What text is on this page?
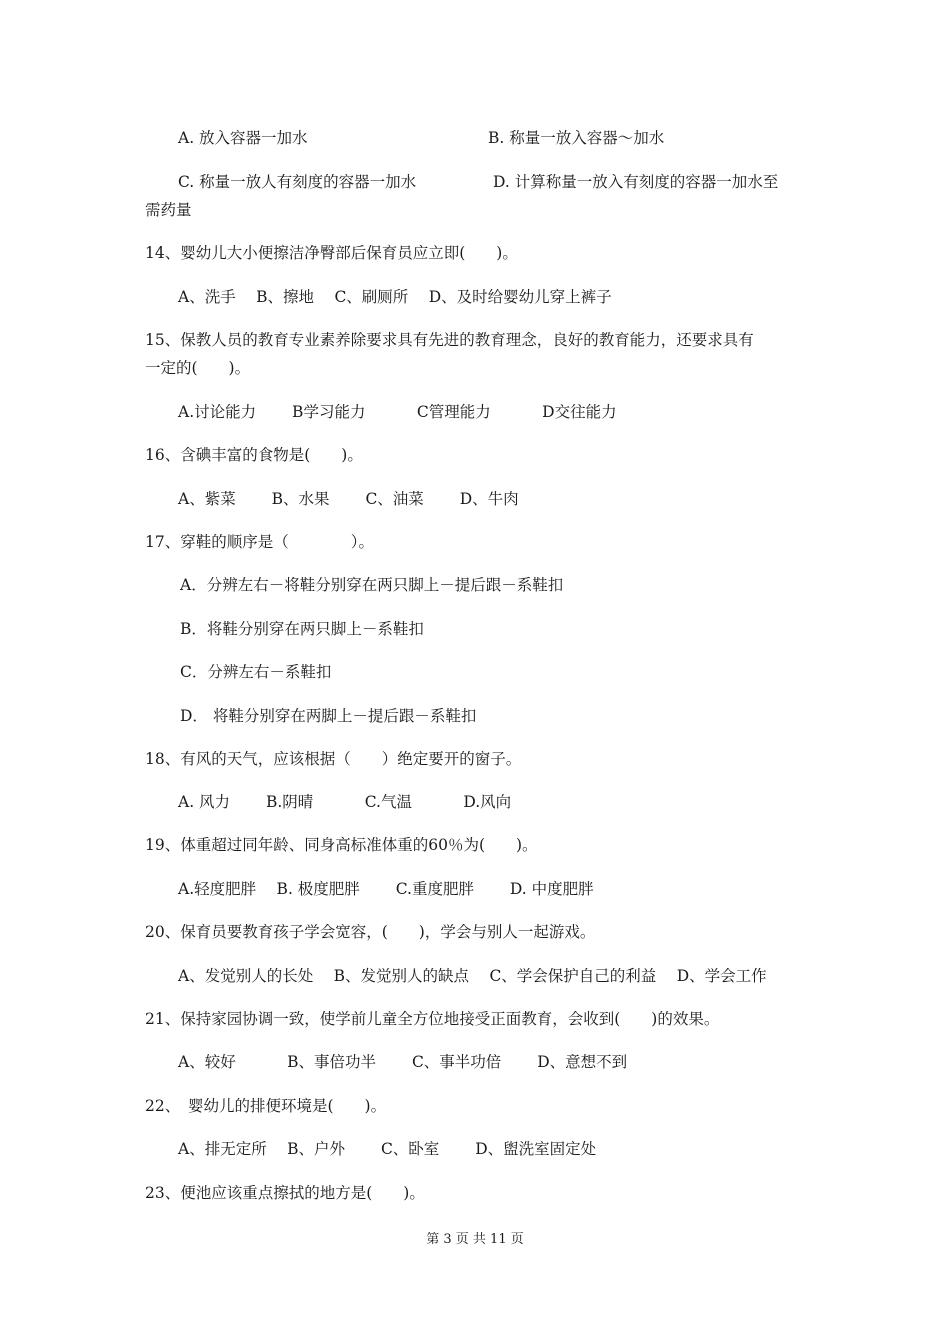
A. 放入容器一加水	B. 称量一放入容器～加水
C. 称量一放人有刻度的容器一加水	D. 计算称量一放入有刻度的容器一加水至
需药量
14、婴幼儿大小便擦洁净臀部后保育员应立即(　　)。
A、洗手　 B、擦地　 C、刷厕所　 D、及时给婴幼儿穿上裤子
15、保教人员的教育专业素养除要求具有先进的教育理念，良好的教育能力，还要求具有
一定的(　　)。
A.讨论能力　　 B学习能力　　　 C管理能力　　　 D交往能力
16、含碘丰富的食物是(　　)。
A、紫菜　　 B、水果　　 C、油菜　　 D、牛肉
17、穿鞋的顺序是（　　　　）。
A．分辨左右－将鞋分别穿在两只脚上－提后跟－系鞋扣
B．将鞋分别穿在两只脚上－系鞋扣
C．分辨左右－系鞋扣
D． 将鞋分别穿在两脚上－提后跟－系鞋扣
18、有风的天气，应该根据（　　）绝定要开的窗子。
A. 风力　　 B.阴晴　　　 C.气温　　　 D.风向
19、体重超过同年龄、同身高标准体重的60％为(　　)。
A.轻度肥胖　 B. 极度肥胖　　 C.重度肥胖　　 D. 中度肥胖
20、保育员要教育孩子学会宽容，(　　)，学会与别人一起游戏。
A、发觉别人的长处　 B、发觉别人的缺点　 C、学会保护自己的利益　 D、学会工作
21、保持家园协调一致，使学前儿童全方位地接受正面教育，会收到(　　)的效果。
A、较好　　　 B、事倍功半　　 C、事半功倍　　 D、意想不到
22、　婴幼儿的排便环境是(　　)。
A、排无定所　 B、户外　　 C、卧室　　 D、盥洗室固定处
23、便池应该重点擦拭的地方是(　　)。
第 3 页 共 11 页
